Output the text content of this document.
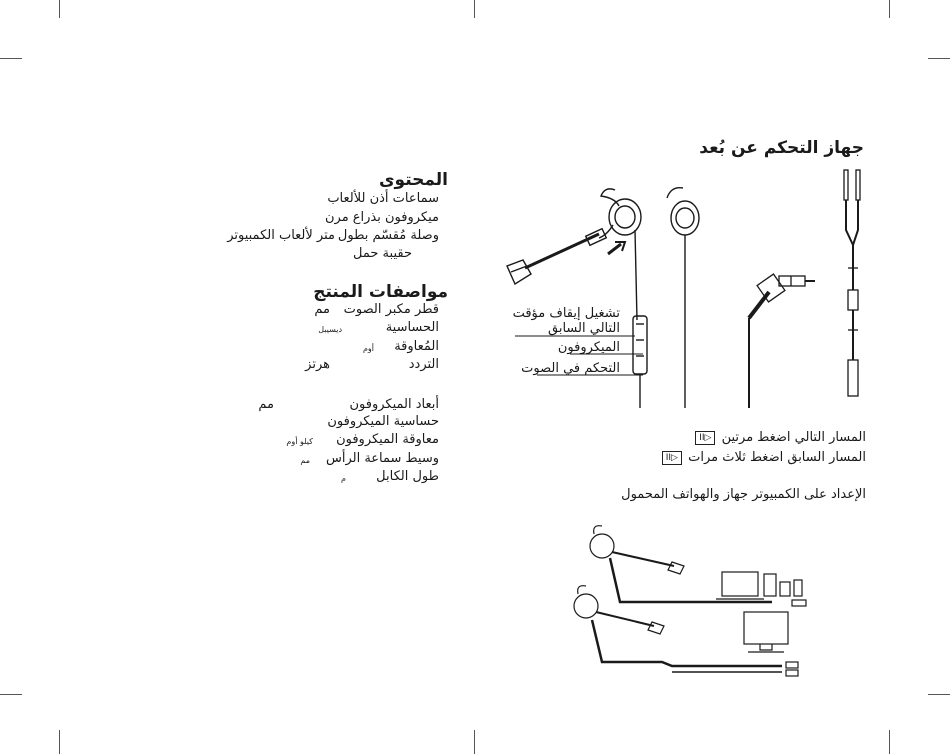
المحتوى
سماعات أذن للألعاب
ميكروفون بذراع مرن
وصلة مُقسّم بطول
متر لألعاب الكمبيوتر
حقيبة حمل
مواصفات المنتج
قطر مكبر الصوت
مم
الحساسية
ديسيبل
المُعاوقة
أوم
التردد
هرتز
أبعاد الميكروفون
مم
حساسية الميكروفون
معاوقة الميكروفون
كيلو أوم
وسيط سماعة الرأس
مم
طول الكابل
م
جهاز التحكم عن بُعد
تشغيل إيقاف مؤقت
التالي السابق
الميكروفون
التحكم في الصوت
المسار التالي اضغط مرتين ▷II
المسار السابق اضغط ثلاث مرات ▷II
الإعداد على الكمبيوتر جهاز والهواتف المحمول
